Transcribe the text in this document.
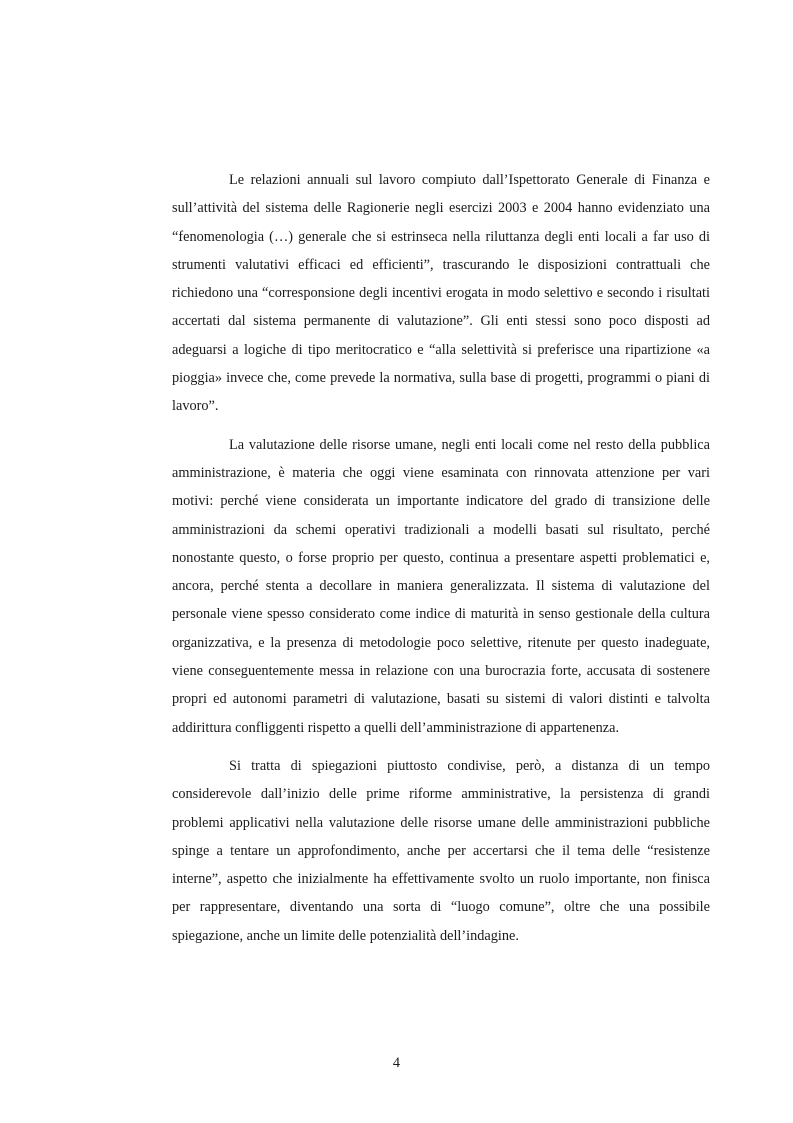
Le relazioni annuali sul lavoro compiuto dall’Ispettorato Generale di Finanza e sull’attività del sistema delle Ragionerie negli esercizi 2003 e 2004 hanno evidenziato una “fenomenologia (…) generale che si estrinseca nella riluttanza degli enti locali a far uso di strumenti valutativi efficaci ed efficienti”, trascurando le disposizioni contrattuali che richiedono una “corresponsione degli incentivi erogata in modo selettivo e secondo i risultati accertati dal sistema permanente di valutazione”. Gli enti stessi sono poco disposti ad adeguarsi a logiche di tipo meritocratico e “alla selettività si preferisce una ripartizione «a pioggia» invece che, come prevede la normativa, sulla base di progetti, programmi o piani di lavoro”.

La valutazione delle risorse umane, negli enti locali come nel resto della pubblica amministrazione, è materia che oggi viene esaminata con rinnovata attenzione per vari motivi: perché viene considerata un importante indicatore del grado di transizione delle amministrazioni da schemi operativi tradizionali a modelli basati sul risultato, perché nonostante questo, o forse proprio per questo, continua a presentare aspetti problematici e, ancora, perché stenta a decollare in maniera generalizzata. Il sistema di valutazione del personale viene spesso considerato come indice di maturità in senso gestionale della cultura organizzativa, e la presenza di metodologie poco selettive, ritenute per questo inadeguate, viene conseguentemente messa in relazione con una burocrazia forte, accusata di sostenere propri ed autonomi parametri di valutazione, basati su sistemi di valori distinti e talvolta addirittura confliggenti rispetto a quelli dell’amministrazione di appartenenza.

Si tratta di spiegazioni piuttosto condivise, però, a distanza di un tempo considerevole dall’inizio delle prime riforme amministrative, la persistenza di grandi problemi applicativi nella valutazione delle risorse umane delle amministrazioni pubbliche spinge a tentare un approfondimento, anche per accertarsi che il tema delle “resistenze interne”, aspetto che inizialmente ha effettivamente svolto un ruolo importante, non finisca per rappresentare, diventando una sorta di “luogo comune”, oltre che una possibile spiegazione, anche un limite delle potenzialità dell’indagine.

4
